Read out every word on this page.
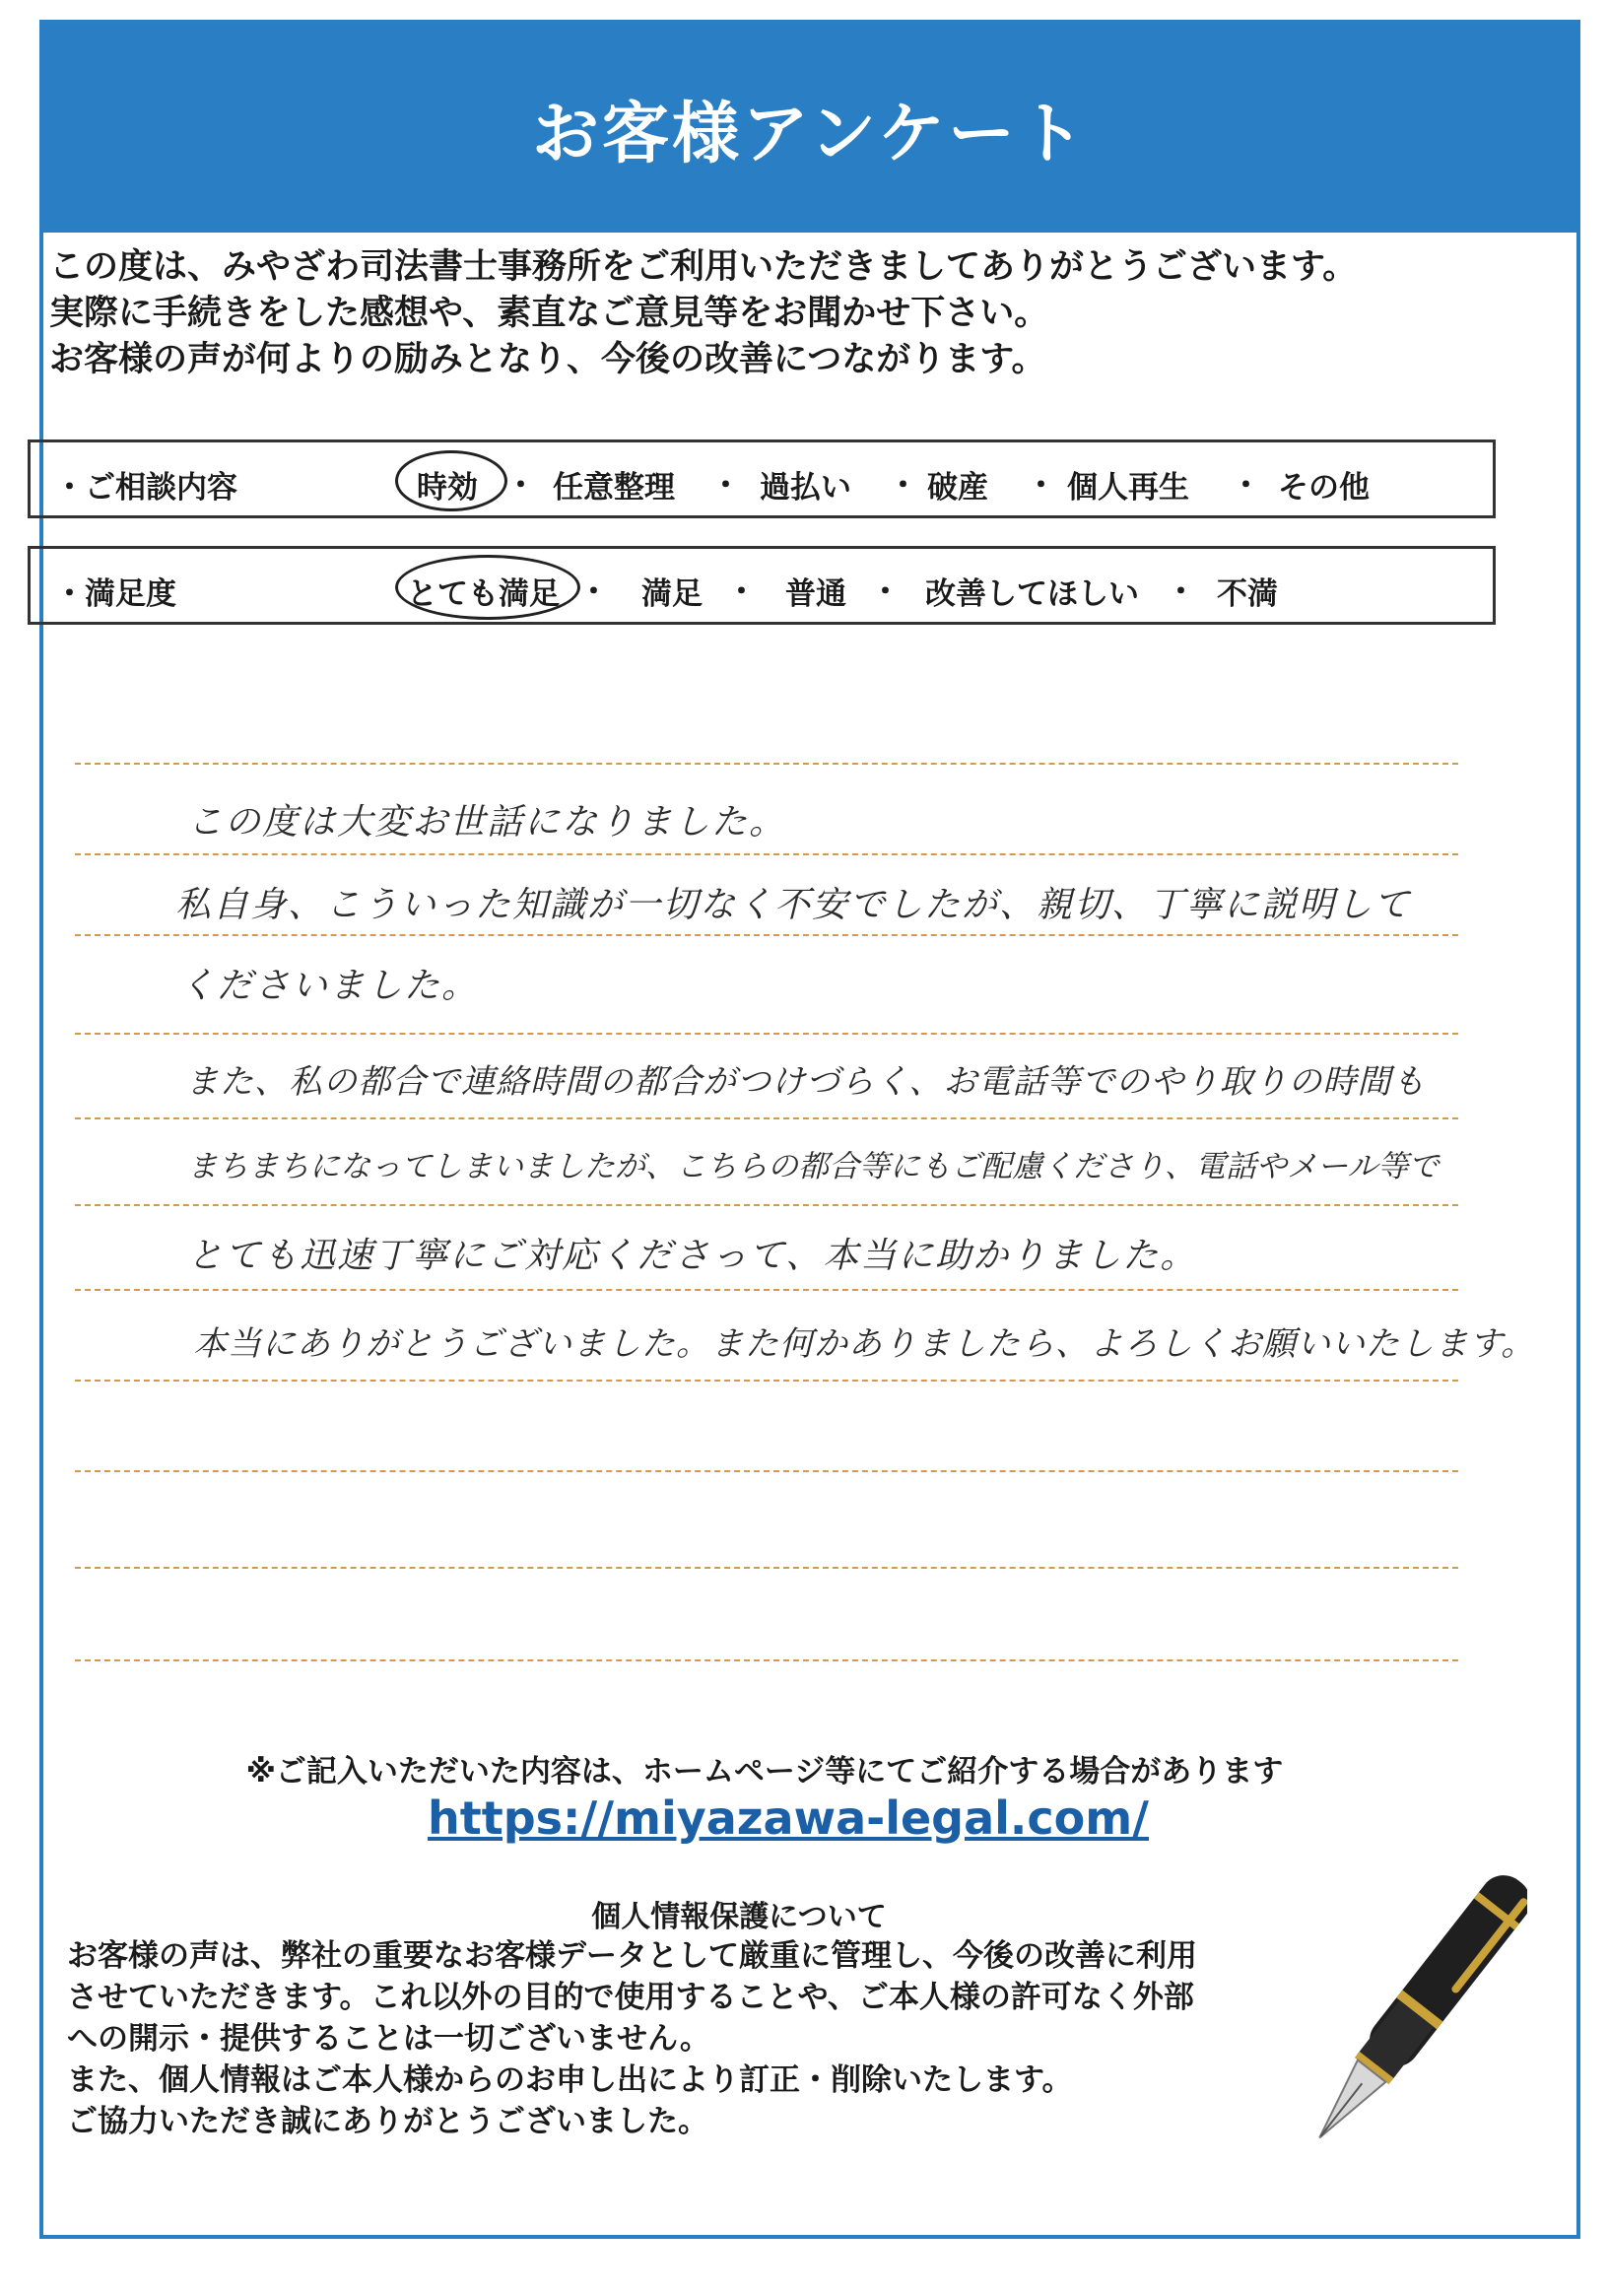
お客様アンケート
この度は、みやざわ司法書士事務所をご利用いただきましてありがとうございます。
実際に手続きをした感想や、素直なご意見等をお聞かせ下さい。
お客様の声が何よりの励みとなり、今後の改善につながります。
・ご相談内容	時効 ・ 任意整理 ・ 過払い ・ 破産 ・ 個人再生 ・ その他
・満足度	とても満足 ・ 満足 ・ 普通 ・ 改善してほしい ・ 不満
この度は大変お世話になりました。
私自身、こういった知識が一切なく不安でしたが、親切、丁寧に説明して
くださいました。
また、私の都合で連絡時間の都合がつけづらく、お電話等でのやり取りの時間も
まちまちになってしまいましたが、こちらの都合等にもご配慮くださり、電話やメール等で
とても迅速丁寧にご対応くださって、本当に助かりました。
本当にありがとうございました。また何かありましたら、よろしくお願いいたします。
※ご記入いただいた内容は、ホームページ等にてご紹介する場合があります
https://miyazawa-legal.com/
個人情報保護について
お客様の声は、弊社の重要なお客様データとして厳重に管理し、今後の改善に利用
させていただきます。これ以外の目的で使用することや、ご本人様の許可なく外部
への開示・提供することは一切ございません。
また、個人情報はご本人様からのお申し出により訂正・削除いたします。
ご協力いただき誠にありがとうございました。
